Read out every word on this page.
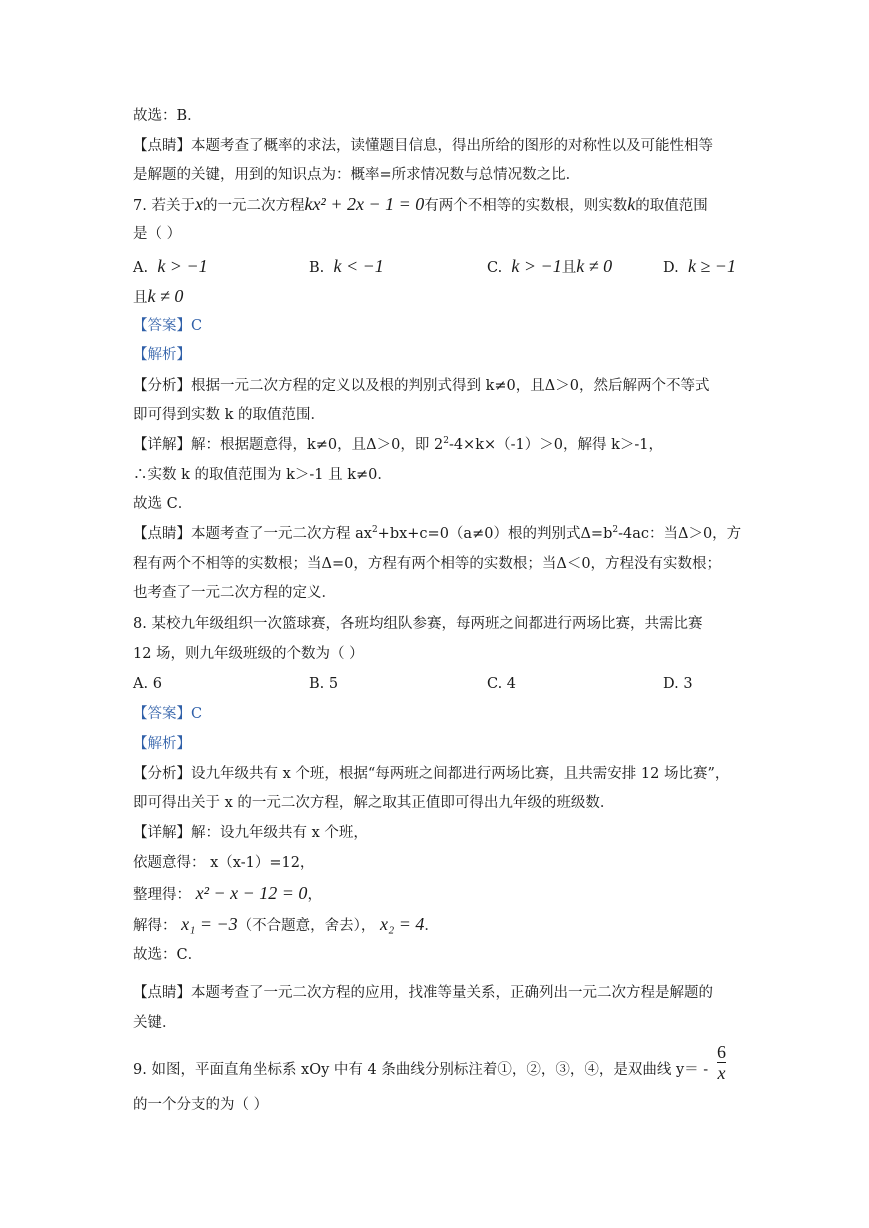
故选：B．
【点睛】本题考查了概率的求法，读懂题目信息，得出所给的图形的对称性以及可能性相等
是解题的关键，用到的知识点为：概率=所求情况数与总情况数之比．
7. 若关于x的一元二次方程kx² + 2x − 1 = 0有两个不相等的实数根，则实数k的取值范围
是（ ）
A. k > −1	B. k < −1	C. k > −1且k ≠ 0	D. k ≥ −1
且k ≠ 0
【答案】C
【解析】
【分析】根据一元二次方程的定义以及根的判别式得到 k≠0，且Δ＞0，然后解两个不等式
即可得到实数 k 的取值范围．
【详解】解：根据题意得，k≠0，且Δ＞0，即 $2^2-4\times k\times(-1)>0$，解得 k＞-1，
∴实数 k 的取值范围为 k＞-1 且 k≠0．
故选 C．
【点睛】本题考查了一元二次方程 $ax^2+bx+c=0(a\ne 0)$根的判别式$\Delta=b^2-4ac$：当Δ＞0，方
程有两个不相等的实数根；当Δ=0，方程有两个相等的实数根；当Δ＜0，方程没有实数根；
也考查了一元二次方程的定义．
8. 某校九年级组织一次篮球赛，各班均组队参赛，每两班之间都进行两场比赛，共需比赛
12 场，则九年级班级的个数为（ ）
A. 6	B. 5	C. 4	D. 3
【答案】C
【解析】
【分析】设九年级共有 x 个班，根据“每两班之间都进行两场比赛，且共需安排 12 场比赛”，
即可得出关于 x 的一元二次方程，解之取其正值即可得出九年级的班级数．
【详解】解：设九年级共有 x 个班，
依题意得： x（x-1）=12，
整理得： x² − x − 12 = 0，
解得： x₁ = −3（不合题意，舍去）， x₂ = 4．
故选：C．
【点睛】本题考查了一元二次方程的应用，找准等量关系，正确列出一元二次方程是解题的
关键．
9. 如图，平面直角坐标系 xOy 中有 4 条曲线分别标注着①，②，③，④，是双曲线 y＝ -
6
x
的一个分支的为（ ）
